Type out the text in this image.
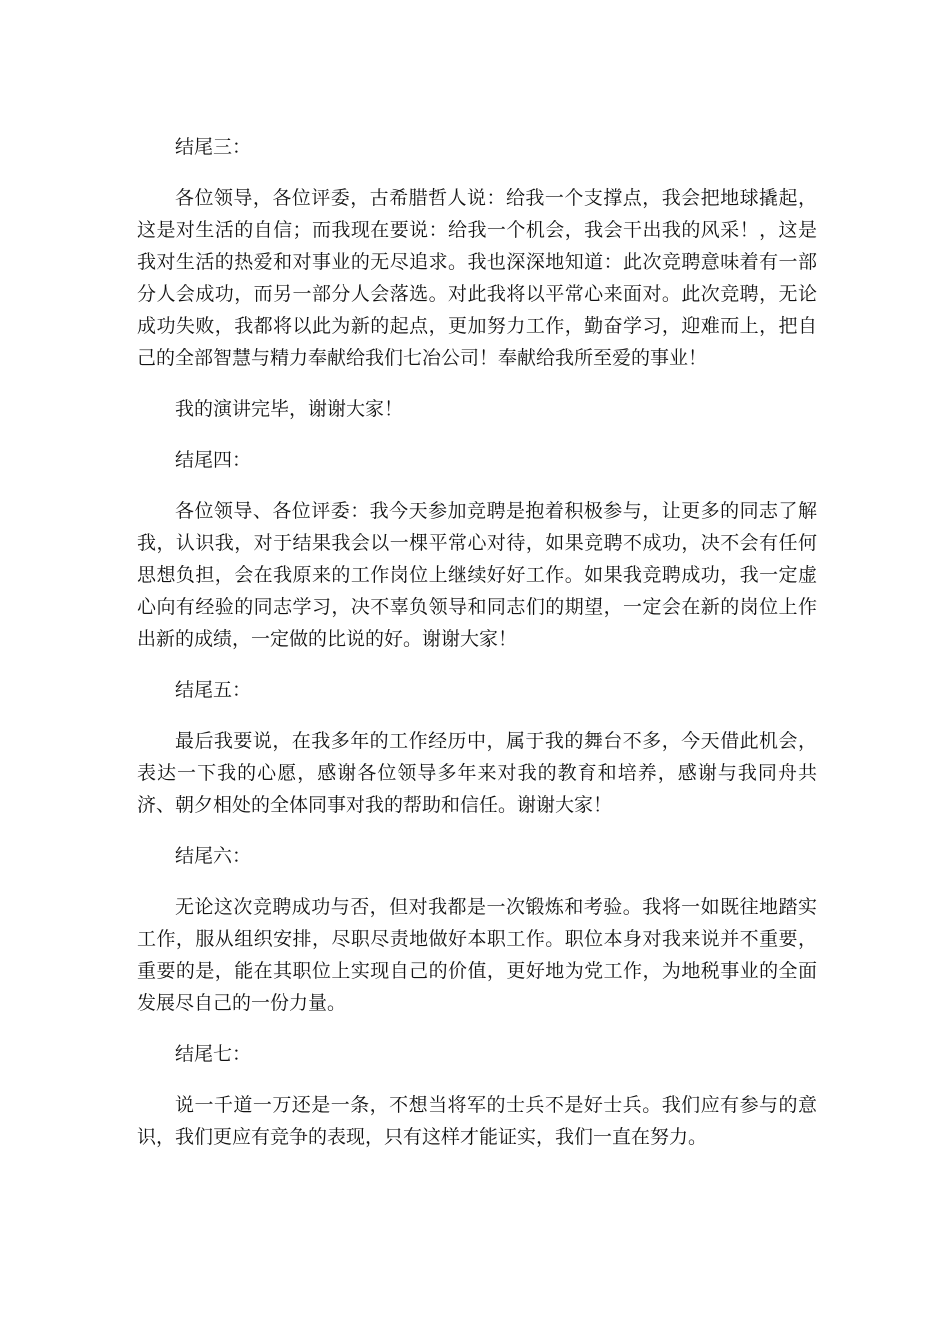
结尾三：

各位领导，各位评委，古希腊哲人说：给我一个支撑点，我会把地球撬起，这是对生活的自信；而我现在要说：给我一个机会，我会干出我的风采！，这是我对生活的热爱和对事业的无尽追求。我也深深地知道：此次竞聘意味着有一部分人会成功，而另一部分人会落选。对此我将以平常心来面对。此次竞聘，无论成功失败，我都将以此为新的起点，更加努力工作，勤奋学习，迎难而上，把自己的全部智慧与精力奉献给我们七冶公司！奉献给我所至爱的事业！

我的演讲完毕，谢谢大家！

结尾四：

各位领导、各位评委：我今天参加竞聘是抱着积极参与，让更多的同志了解我，认识我，对于结果我会以一棵平常心对待，如果竞聘不成功，决不会有任何思想负担，会在我原来的工作岗位上继续好好工作。如果我竞聘成功，我一定虚心向有经验的同志学习，决不辜负领导和同志们的期望，一定会在新的岗位上作出新的成绩，一定做的比说的好。谢谢大家！

结尾五：

最后我要说，在我多年的工作经历中，属于我的舞台不多，今天借此机会，表达一下我的心愿，感谢各位领导多年来对我的教育和培养，感谢与我同舟共济、朝夕相处的全体同事对我的帮助和信任。谢谢大家！

结尾六：

无论这次竞聘成功与否，但对我都是一次锻炼和考验。我将一如既往地踏实工作，服从组织安排，尽职尽责地做好本职工作。职位本身对我来说并不重要，重要的是，能在其职位上实现自己的价值，更好地为党工作，为地税事业的全面发展尽自己的一份力量。

结尾七：

说一千道一万还是一条，不想当将军的士兵不是好士兵。我们应有参与的意识，我们更应有竞争的表现，只有这样才能证实，我们一直在努力。
